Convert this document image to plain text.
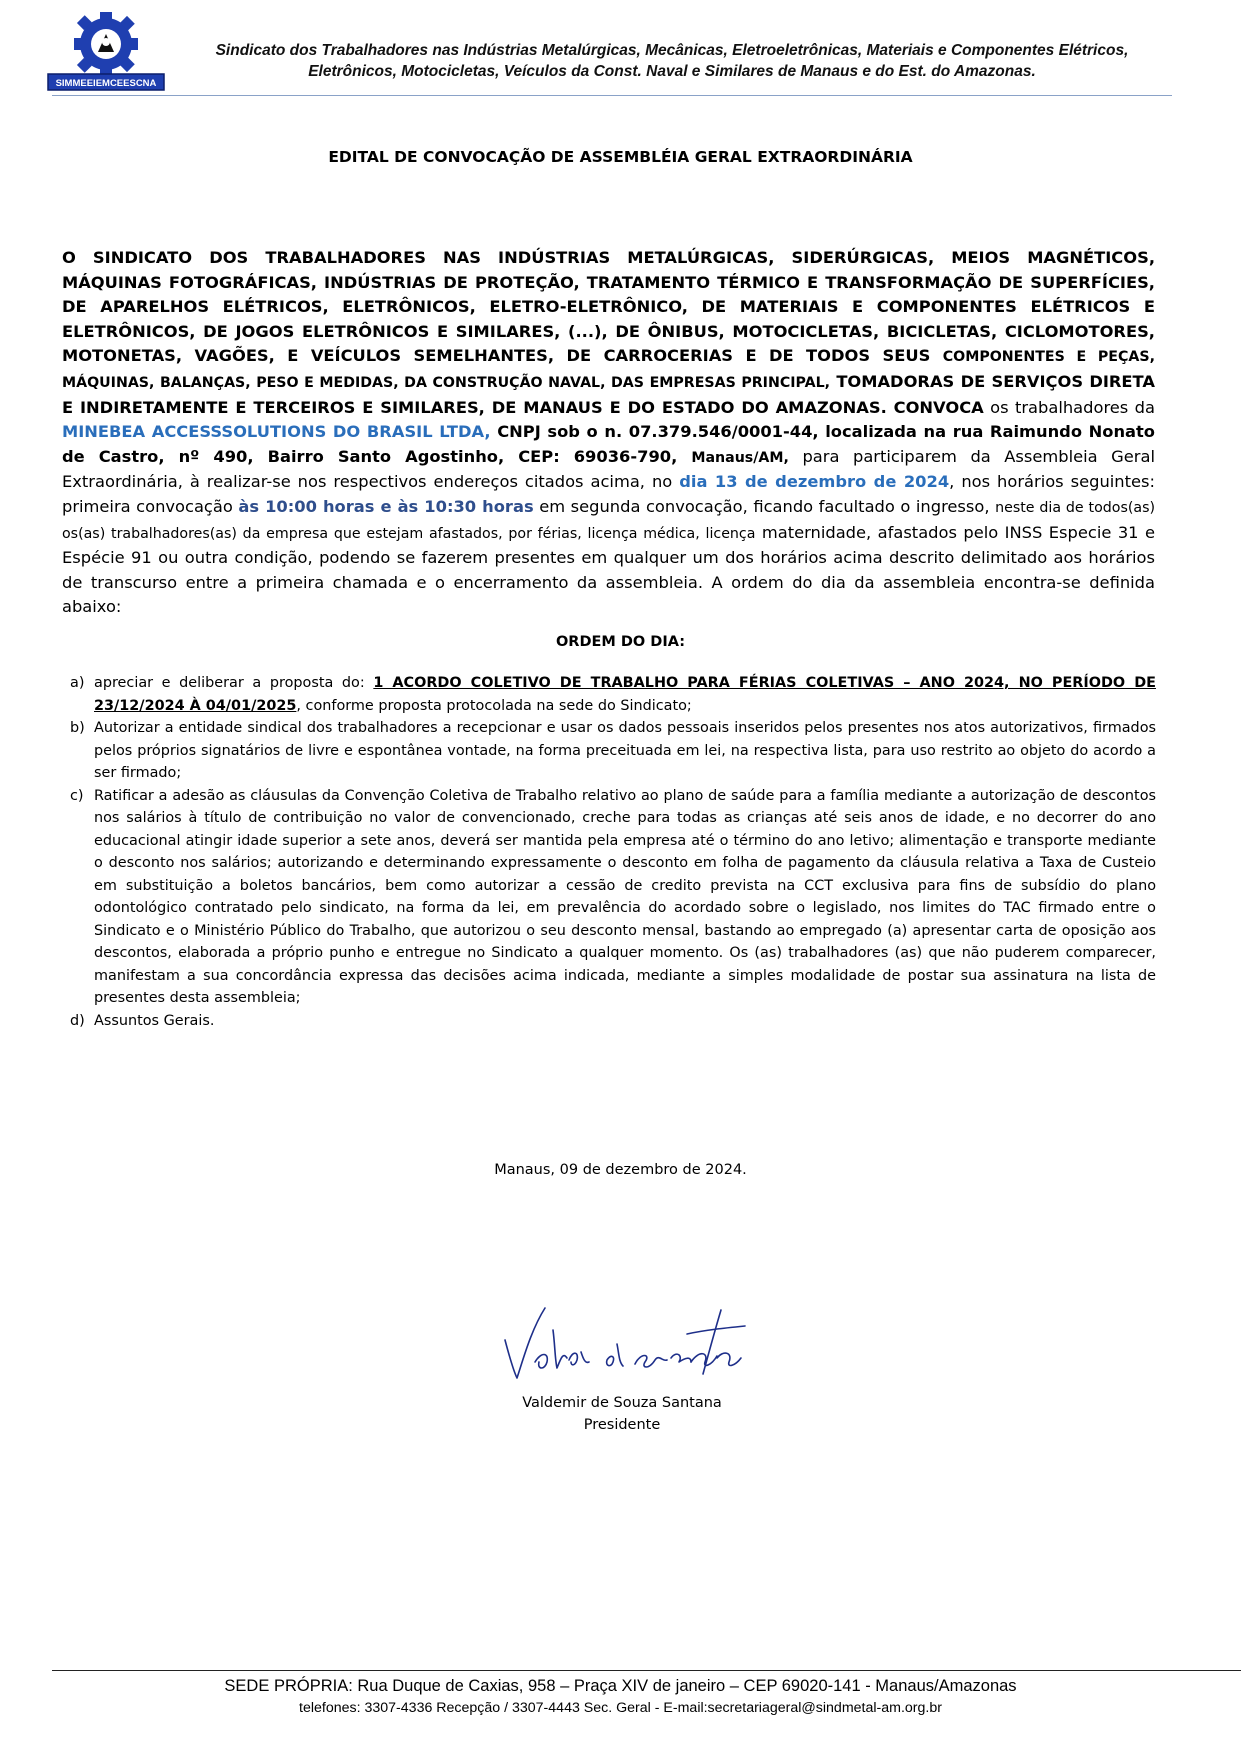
SIMMEEIEMCEESCNA
Sindicato dos Trabalhadores nas Indústrias Metalúrgicas, Mecânicas, Eletroeletrônicas, Materiais e Componentes Elétricos,
Eletrônicos, Motocicletas, Veículos da Const. Naval e Similares de Manaus e do Est. do Amazonas.
EDITAL DE CONVOCAÇÃO DE ASSEMBLÉIA GERAL EXTRAORDINÁRIA
O SINDICATO DOS TRABALHADORES NAS INDÚSTRIAS METALÚRGICAS, SIDERÚRGICAS, MEIOS MAGNÉTICOS, MÁQUINAS FOTOGRÁFICAS, INDÚSTRIAS DE PROTEÇÃO, TRATAMENTO TÉRMICO E TRANSFORMAÇÃO DE SUPERFÍCIES, DE APARELHOS ELÉTRICOS, ELETRÔNICOS, ELETRO-ELETRÔNICO, DE MATERIAIS E COMPONENTES ELÉTRICOS E ELETRÔNICOS, DE JOGOS ELETRÔNICOS E SIMILARES, (...), DE ÔNIBUS, MOTOCICLETAS, BICICLETAS, CICLOMOTORES, MOTONETAS, VAGÕES, E VEÍCULOS SEMELHANTES, DE CARROCERIAS E DE TODOS SEUS COMPONENTES E PEÇAS, MÁQUINAS, BALANÇAS, PESO E MEDIDAS, DA CONSTRUÇÃO NAVAL, DAS EMPRESAS PRINCIPAL, TOMADORAS DE SERVIÇOS DIRETA E INDIRETAMENTE E TERCEIROS E SIMILARES, DE MANAUS E DO ESTADO DO AMAZONAS. CONVOCA os trabalhadores da MINEBEA ACCESSSOLUTIONS DO BRASIL LTDA, CNPJ sob o n. 07.379.546/0001-44, localizada na rua Raimundo Nonato de Castro, nº 490, Bairro Santo Agostinho, CEP: 69036-790, Manaus/AM, para participarem da Assembleia Geral Extraordinária, à realizar-se nos respectivos endereços citados acima, no dia 13 de dezembro de 2024, nos horários seguintes: primeira convocação às 10:00 horas e às 10:30 horas em segunda convocação, ficando facultado o ingresso, neste dia de todos(as) os(as) trabalhadores(as) da empresa que estejam afastados, por férias, licença médica, licença maternidade, afastados pelo INSS Especie 31 e Espécie 91 ou outra condição, podendo se fazerem presentes em qualquer um dos horários acima descrito delimitado aos horários de transcurso entre a primeira chamada e o encerramento da assembleia. A ordem do dia da assembleia encontra-se definida abaixo:
ORDEM DO DIA:
a) apreciar e deliberar a proposta do: 1 ACORDO COLETIVO DE TRABALHO PARA FÉRIAS COLETIVAS – ANO 2024, NO PERÍODO DE 23/12/2024 À 04/01/2025, conforme proposta protocolada na sede do Sindicato;
b) Autorizar a entidade sindical dos trabalhadores a recepcionar e usar os dados pessoais inseridos pelos presentes nos atos autorizativos, firmados pelos próprios signatários de livre e espontânea vontade, na forma preceituada em lei, na respectiva lista, para uso restrito ao objeto do acordo a ser firmado;
c) Ratificar a adesão as cláusulas da Convenção Coletiva de Trabalho relativo ao plano de saúde para a família mediante a autorização de descontos nos salários à título de contribuição no valor de convencionado, creche para todas as crianças até seis anos de idade, e no decorrer do ano educacional atingir idade superior a sete anos, deverá ser mantida pela empresa até o término do ano letivo; alimentação e transporte mediante o desconto nos salários; autorizando e determinando expressamente o desconto em folha de pagamento da cláusula relativa a Taxa de Custeio em substituição a boletos bancários, bem como autorizar a cessão de credito prevista na CCT exclusiva para fins de subsídio do plano odontológico contratado pelo sindicato, na forma da lei, em prevalência do acordado sobre o legislado, nos limites do TAC firmado entre o Sindicato e o Ministério Público do Trabalho, que autorizou o seu desconto mensal, bastando ao empregado (a) apresentar carta de oposição aos descontos, elaborada a próprio punho e entregue no Sindicato a qualquer momento. Os (as) trabalhadores (as) que não puderem comparecer, manifestam a sua concordância expressa das decisões acima indicada, mediante a simples modalidade de postar sua assinatura na lista de presentes desta assembleia;
d) Assuntos Gerais.
Manaus, 09 de dezembro de 2024.
Valdemir de Souza Santana
Presidente
SEDE PRÓPRIA: Rua Duque de Caxias, 958 – Praça XIV de janeiro – CEP 69020-141 - Manaus/Amazonas
telefones: 3307-4336 Recepção / 3307-4443 Sec. Geral - E-mail:secretariageral@sindmetal-am.org.br
